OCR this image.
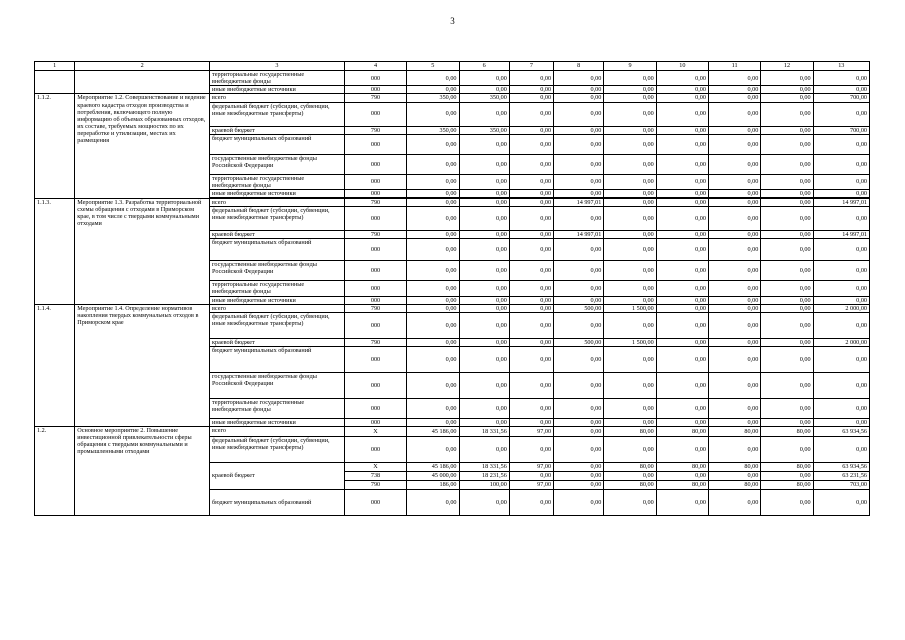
3
1	2	3	4	5	6	7	8	9	10	11	12	13
		территориальные государственные внебюджетные фонды	000	0,00	0,00	0,00	0,00	0,00	0,00	0,00	0,00	0,00
		иные внебюджетные источники	000	0,00	0,00	0,00	0,00	0,00	0,00	0,00	0,00	0,00
1.1.2.	Мероприятие 1.2. Совершенствование и ведение краевого кадастра отходов производства и потребления, включающего полную информацию об объемах образованных отходов, их составе, требуемых мощностях по их переработке и утилизации, местах их размещения	всего	790	350,00	350,00	0,00	0,00	0,00	0,00	0,00	0,00	700,00
		федеральный бюджет (субсидии, субвенции, иные межбюджетные трансферты)	000	0,00	0,00	0,00	0,00	0,00	0,00	0,00	0,00	0,00
		краевой бюджет	790	350,00	350,00	0,00	0,00	0,00	0,00	0,00	0,00	700,00
		бюджет муниципальных образований	000	0,00	0,00	0,00	0,00	0,00	0,00	0,00	0,00	0,00
		государственные внебюджетные фонды Российской Федерации	000	0,00	0,00	0,00	0,00	0,00	0,00	0,00	0,00	0,00
		территориальные государственные внебюджетные фонды	000	0,00	0,00	0,00	0,00	0,00	0,00	0,00	0,00	0,00
		иные внебюджетные источники	000	0,00	0,00	0,00	0,00	0,00	0,00	0,00	0,00	0,00

1.1.3.	Мероприятие 1.3. Разработка территориальной схемы обращения с отходами в Приморском крае, в том числе с твердыми коммунальными отходами	всего	790	0,00	0,00	0,00	14 997,01	0,00	0,00	0,00	0,00	14 997,01
		федеральный бюджет (субсидии, субвенции, иные межбюджетные трансферты)	000	0,00	0,00	0,00	0,00	0,00	0,00	0,00	0,00	0,00
		краевой бюджет	790	0,00	0,00	0,00	14 997,01	0,00	0,00	0,00	0,00	14 997,01
		бюджет муниципальных образований	000	0,00	0,00	0,00	0,00	0,00	0,00	0,00	0,00	0,00
		государственные внебюджетные фонды Российской Федерации	000	0,00	0,00	0,00	0,00	0,00	0,00	0,00	0,00	0,00
		территориальные государственные внебюджетные фонды	000	0,00	0,00	0,00	0,00	0,00	0,00	0,00	0,00	0,00
		иные внебюджетные источники	000	0,00	0,00	0,00	0,00	0,00	0,00	0,00	0,00	0,00
1.1.4.	Мероприятие 1.4. Определение нормативов накопления твердых коммунальных отходов в Приморском крае	всего	790	0,00	0,00	0,00	500,00	1 500,00	0,00	0,00	0,00	2 000,00
		федеральный бюджет (субсидии, субвенции, иные межбюджетные трансферты)	000	0,00	0,00	0,00	0,00	0,00	0,00	0,00	0,00	0,00
		краевой бюджет	790	0,00	0,00	0,00	500,00	1 500,00	0,00	0,00	0,00	2 000,00
		бюджет муниципальных образований	000	0,00	0,00	0,00	0,00	0,00	0,00	0,00	0,00	0,00
		государственные внебюджетные фонды Российской Федерации	000	0,00	0,00	0,00	0,00	0,00	0,00	0,00	0,00	0,00
		территориальные государственные внебюджетные фонды	000	0,00	0,00	0,00	0,00	0,00	0,00	0,00	0,00	0,00
		иные внебюджетные источники	000	0,00	0,00	0,00	0,00	0,00	0,00	0,00	0,00	0,00
1.2.	Основное мероприятие 2. Повышение инвестиционной привлекательности сферы обращения с твердыми коммунальными и промышленными отходами	всего	Х	45 186,00	18 331,56	97,00	0,00	80,00	80,00	80,00	80,00	63 934,56
		федеральный бюджет (субсидии, субвенции, иные межбюджетные трансферты)	000	0,00	0,00	0,00	0,00	0,00	0,00	0,00	0,00	0,00
		краевой бюджет	Х	45 186,00	18 331,56	97,00	0,00	80,00	80,00	80,00	80,00	63 934,56
			738	45 000,00	18 231,56	0,00	0,00	0,00	0,00	0,00	0,00	63 231,56
			790	186,00	100,00	97,00	0,00	80,00	80,00	80,00	80,00	703,00
		бюджет муниципальных образований	000	0,00	0,00	0,00	0,00	0,00	0,00	0,00	0,00	0,00
